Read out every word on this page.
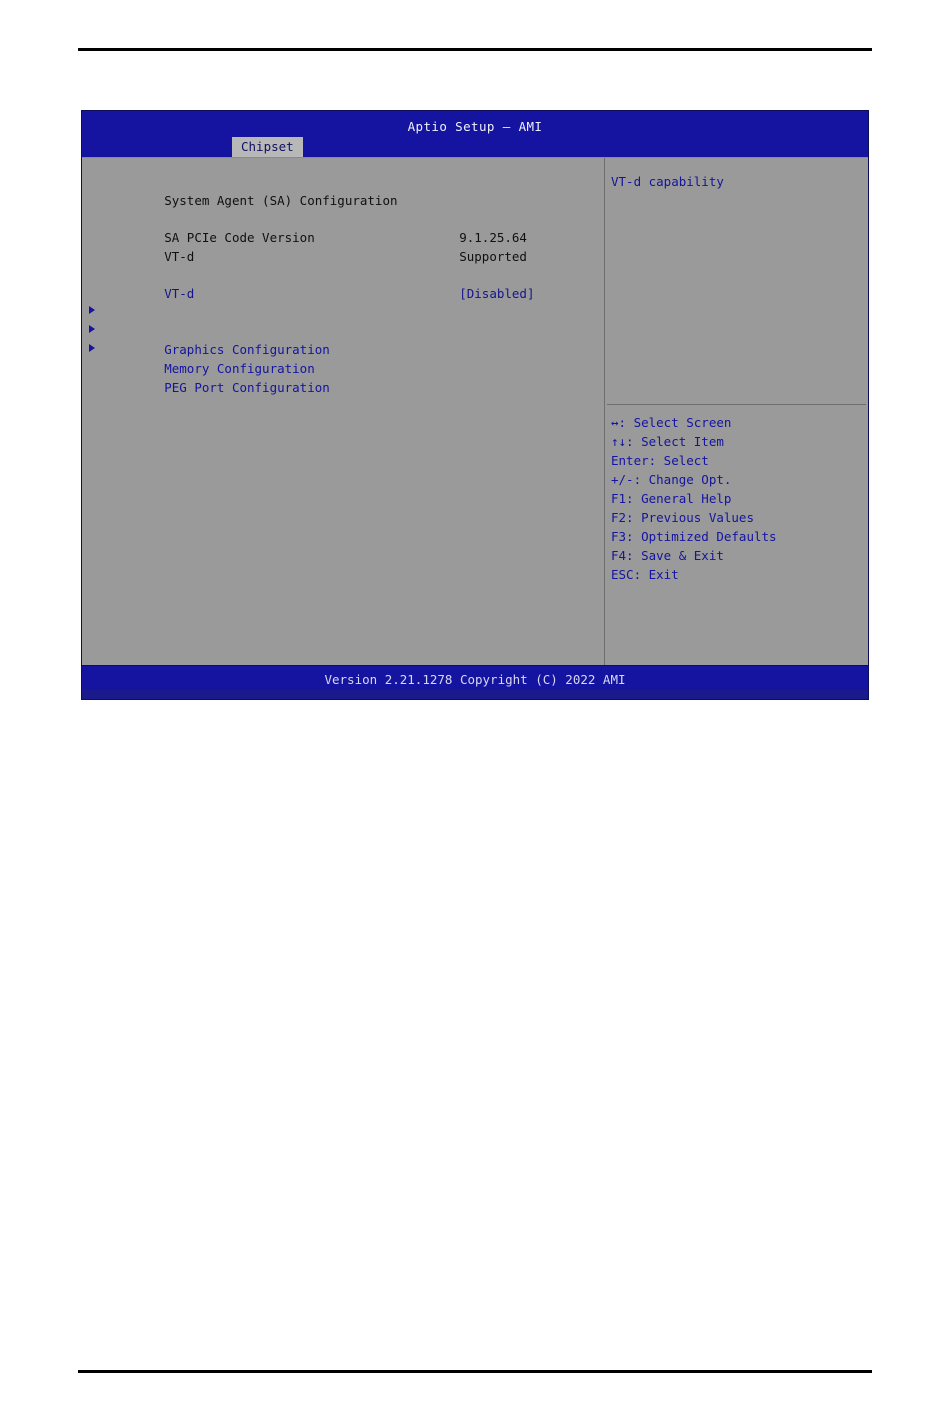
Aptio Setup – AMI
Chipset

System Agent (SA) Configuration

SA PCIe Code Version	9.1.25.64

VT-d	Supported

VT-d	[Disabled]

Graphics Configuration

Memory Configuration

PEG Port Configuration

VT-d capability
↔: Select Screen
↑↓: Select Item
Enter: Select
+/-: Change Opt.
F1: General Help
F2: Previous Values
F3: Optimized Defaults
F4: Save & Exit
ESC: Exit
Version 2.21.1278 Copyright (C) 2022 AMI
